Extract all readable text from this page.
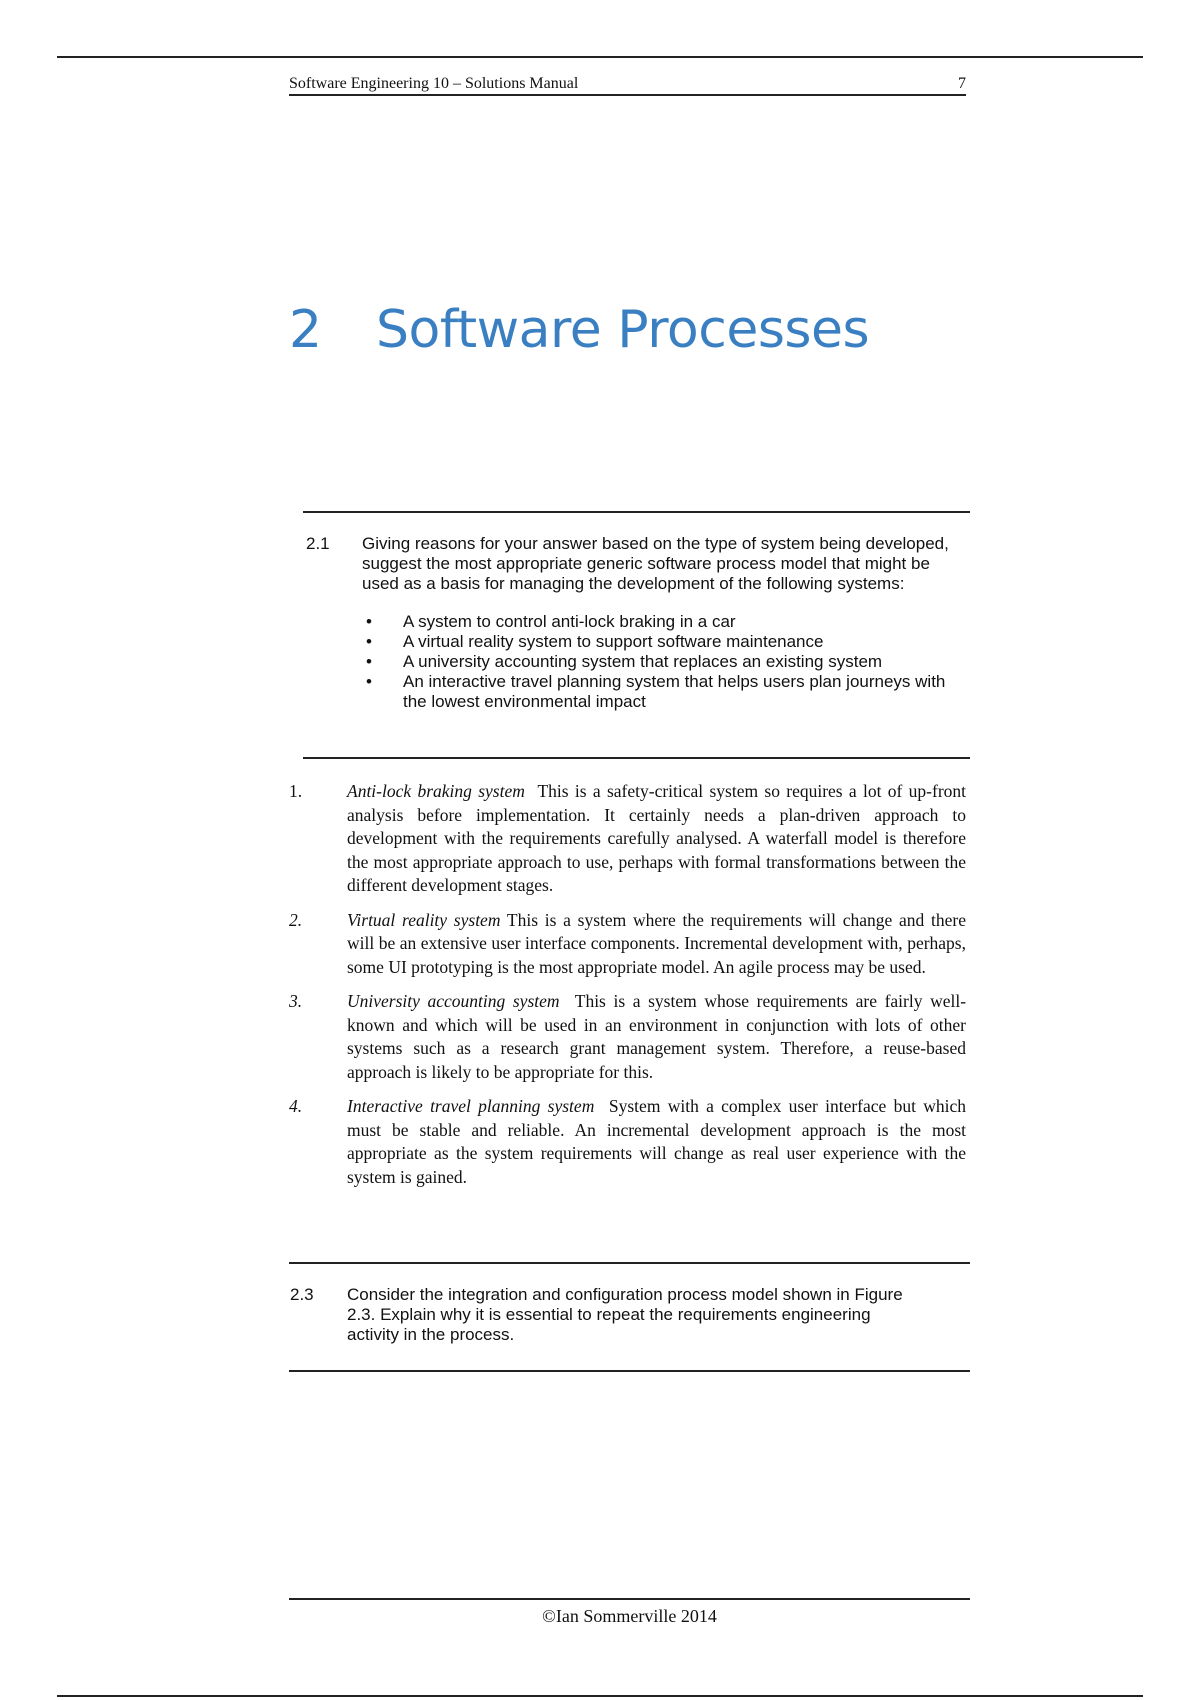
Software Engineering 10 – Solutions Manual	7
2 Software Processes
2.1	Giving reasons for your answer based on the type of system being developed, suggest the most appropriate generic software process model that might be used as a basis for managing the development of the following systems:
•	A system to control anti-lock braking in a car
•	A virtual reality system to support software maintenance
•	A university accounting system that replaces an existing system
•	An interactive travel planning system that helps users plan journeys with the lowest environmental impact
1.	Anti-lock braking system This is a safety-critical system so requires a lot of up-front analysis before implementation. It certainly needs a plan-driven approach to development with the requirements carefully analysed. A waterfall model is therefore the most appropriate approach to use, perhaps with formal transformations between the different development stages.
2.	Virtual reality system This is a system where the requirements will change and there will be an extensive user interface components. Incremental development with, perhaps, some UI prototyping is the most appropriate model. An agile process may be used.
3.	University accounting system This is a system whose requirements are fairly well-known and which will be used in an environment in conjunction with lots of other systems such as a research grant management system. Therefore, a reuse-based approach is likely to be appropriate for this.
4.	Interactive travel planning system System with a complex user interface but which must be stable and reliable. An incremental development approach is the most appropriate as the system requirements will change as real user experience with the system is gained.
2.3	Consider the integration and configuration process model shown in Figure 2.3. Explain why it is essential to repeat the requirements engineering activity in the process.
©Ian Sommerville 2014
